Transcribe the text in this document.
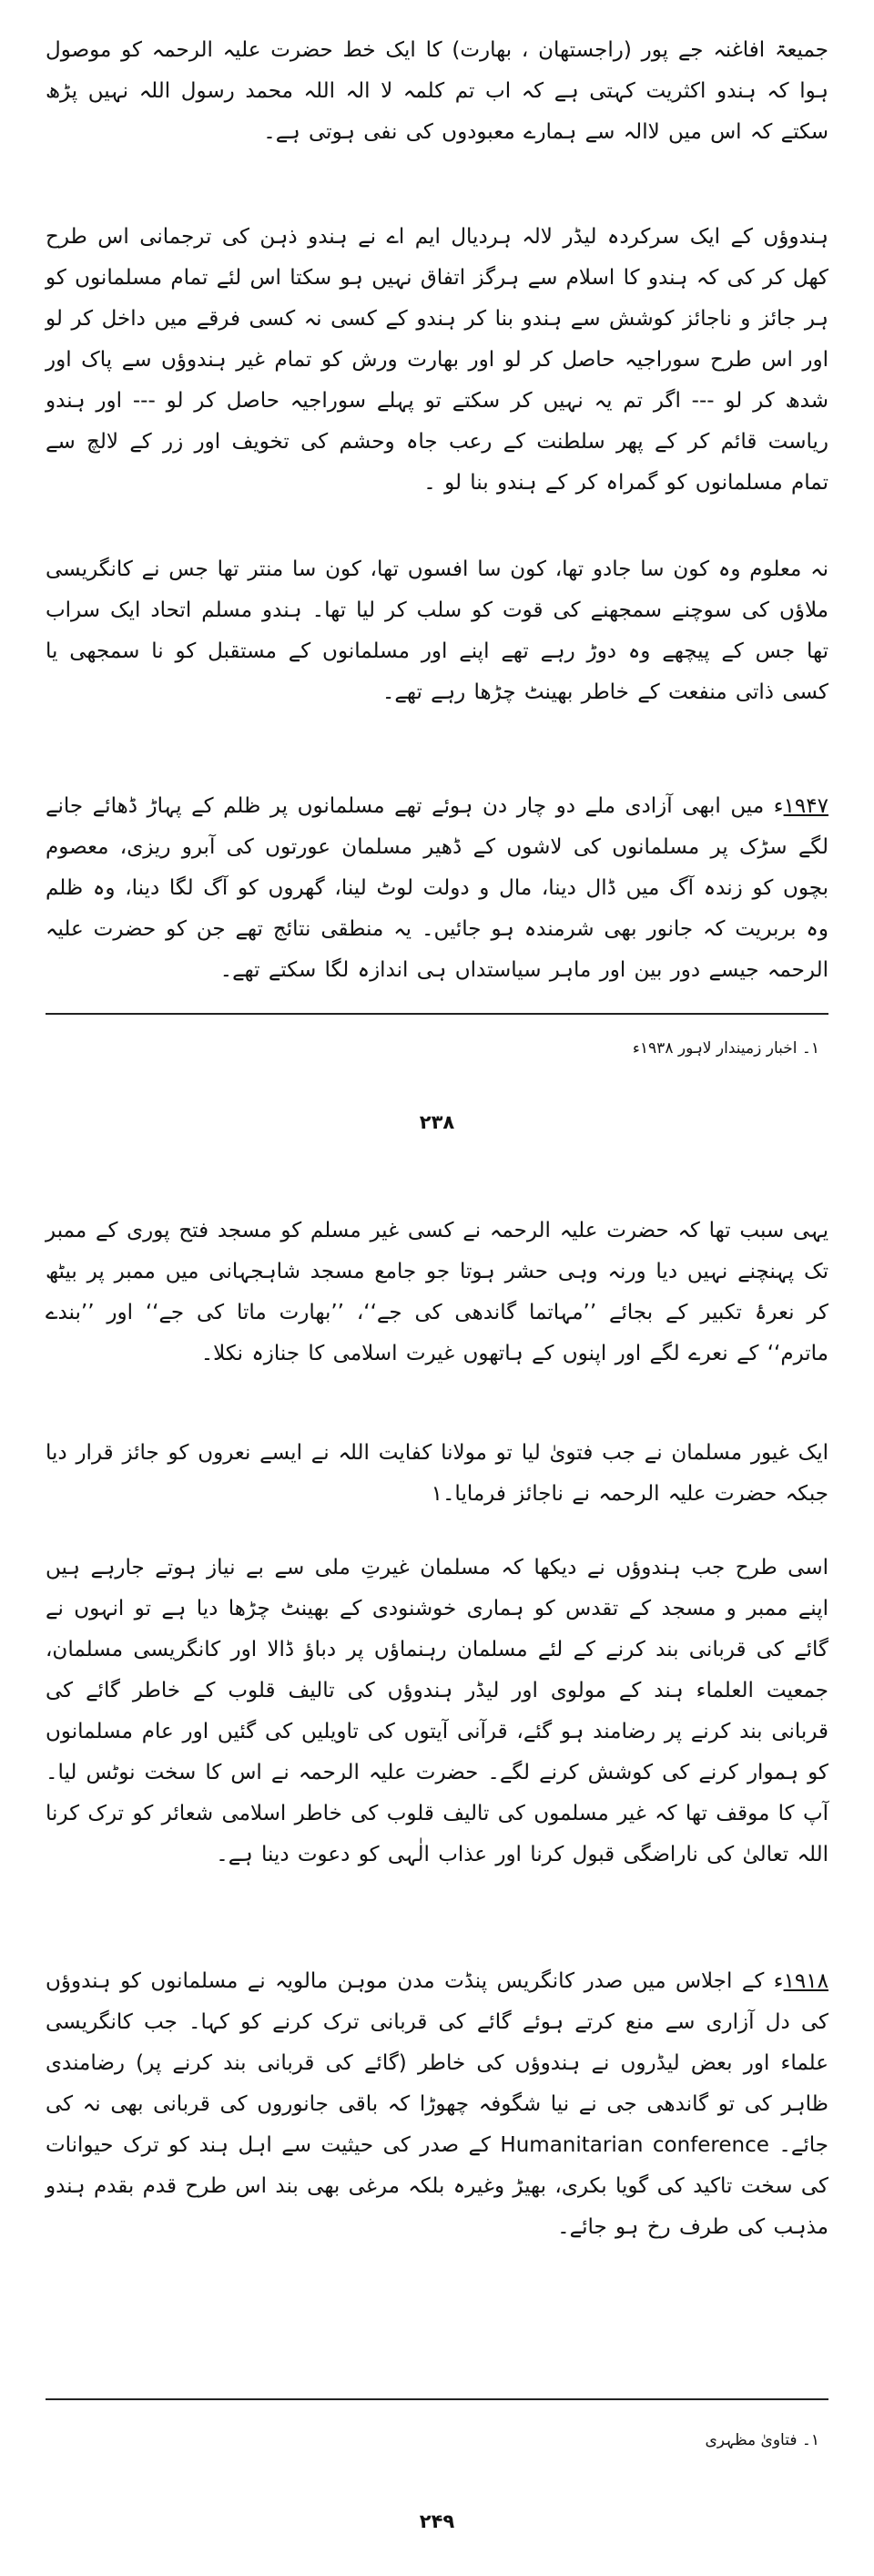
جمیعۃ افاغنہ جے پور (راجستھان ، بھارت) کا ایک خط حضرت علیہ الرحمہ کو موصول ہوا کہ ہندو اکثریت کہتی ہے کہ اب تم کلمہ لا الہ اللہ محمد رسول اللہ نہیں پڑھ سکتے کہ اس میں لاالہ سے ہمارے معبودوں کی نفی ہوتی ہے۔

ہندوؤں کے ایک سرکردہ لیڈر لالہ ہردیال ایم اے نے ہندو ذہن کی ترجمانی اس طرح کھل کر کی کہ ہندو کا اسلام سے ہرگز اتفاق نہیں ہو سکتا اس لئے تمام مسلمانوں کو ہر جائز و ناجائز کوشش سے ہندو بنا کر ہندو کے کسی نہ کسی فرقے میں داخل کر لو اور اس طرح سوراجیہ حاصل کر لو اور بھارت ورش کو تمام غیر ہندوؤں سے پاک اور شدھ کر لو --- اگر تم یہ نہیں کر سکتے تو پہلے سوراجیہ حاصل کر لو --- اور ہندو ریاست قائم کر کے پھر سلطنت کے رعب جاہ وحشم کی تخویف اور زر کے لالچ سے تمام مسلمانوں کو گمراہ کر کے ہندو بنا لو ۔

نہ معلوم وہ کون سا جادو تھا، کون سا افسوں تھا، کون سا منتر تھا جس نے کانگریسی ملاؤں کی سوچنے سمجھنے کی قوت کو سلب کر لیا تھا۔ ہندو مسلم اتحاد ایک سراب تھا جس کے پیچھے وہ دوڑ رہے تھے اپنے اور مسلمانوں کے مستقبل کو نا سمجھی یا کسی ذاتی منفعت کے خاطر بھینٹ چڑھا رہے تھے۔

۱۹۴۷ء میں ابھی آزادی ملے دو چار دن ہوئے تھے مسلمانوں پر ظلم کے پہاڑ ڈھائے جانے لگے سڑک پر مسلمانوں کی لاشوں کے ڈھیر مسلمان عورتوں کی آبرو ریزی، معصوم بچوں کو زندہ آگ میں ڈال دینا، مال و دولت لوٹ لینا، گھروں کو آگ لگا دینا، وہ ظلم وہ بربریت کہ جانور بھی شرمندہ ہو جائیں۔ یہ منطقی نتائج تھے جن کو حضرت علیہ الرحمہ جیسے دور بین اور ماہر سیاستداں ہی اندازہ لگا سکتے تھے۔

۱۔ اخبار زمیندار لاہور ۱۹۳۸ء
۲۳۸

یہی سبب تھا کہ حضرت علیہ الرحمہ نے کسی غیر مسلم کو مسجد فتح پوری کے ممبر تک پہنچنے نہیں دیا ورنہ وہی حشر ہوتا جو جامع مسجد شاہجہانی میں ممبر پر بیٹھ کر نعرۂ تکبیر کے بجائے ’’مہاتما گاندھی کی جے‘‘، ’’بھارت ماتا کی جے‘‘ اور ’’بندے ماترم‘‘ کے نعرے لگے اور اپنوں کے ہاتھوں غیرت اسلامی کا جنازہ نکلا۔

ایک غیور مسلمان نے جب فتویٰ لیا تو مولانا کفایت اللہ نے ایسے نعروں کو جائز قرار دیا جبکہ حضرت علیہ الرحمہ نے ناجائز فرمایا۔۱

اسی طرح جب ہندوؤں نے دیکھا کہ مسلمان غیرتِ ملی سے بے نیاز ہوتے جارہے ہیں اپنے ممبر و مسجد کے تقدس کو ہماری خوشنودی کے بھینٹ چڑھا دیا ہے تو انہوں نے گائے کی قربانی بند کرنے کے لئے مسلمان رہنماؤں پر دباؤ ڈالا اور کانگریسی مسلمان، جمعیت العلماء ہند کے مولوی اور لیڈر ہندوؤں کی تالیف قلوب کے خاطر گائے کی قربانی بند کرنے پر رضامند ہو گئے، قرآنی آیتوں کی تاویلیں کی گئیں اور عام مسلمانوں کو ہموار کرنے کی کوشش کرنے لگے۔ حضرت علیہ الرحمہ نے اس کا سخت نوٹس لیا۔ آپ کا موقف تھا کہ غیر مسلموں کی تالیف قلوب کی خاطر اسلامی شعائر کو ترک کرنا اللہ تعالیٰ کی ناراضگی قبول کرنا اور عذاب الٰہی کو دعوت دینا ہے۔

۱۹۱۸ء کے اجلاس میں صدر کانگریس پنڈت مدن موہن مالویہ نے مسلمانوں کو ہندوؤں کی دل آزاری سے منع کرتے ہوئے گائے کی قربانی ترک کرنے کو کہا۔ جب کانگریسی علماء اور بعض لیڈروں نے ہندوؤں کی خاطر (گائے کی قربانی بند کرنے پر) رضامندی ظاہر کی تو گاندھی جی نے نیا شگوفہ چھوڑا کہ باقی جانوروں کی قربانی بھی نہ کی جائے۔ Humanitarian conference کے صدر کی حیثیت سے اہل ہند کو ترک حیوانات کی سخت تاکید کی گویا بکری، بھیڑ وغیرہ بلکہ مرغی بھی بند اس طرح قدم بقدم ہندو مذہب کی طرف رخ ہو جائے۔

۱۔ فتاویٰ مظہری
۲۴۹
